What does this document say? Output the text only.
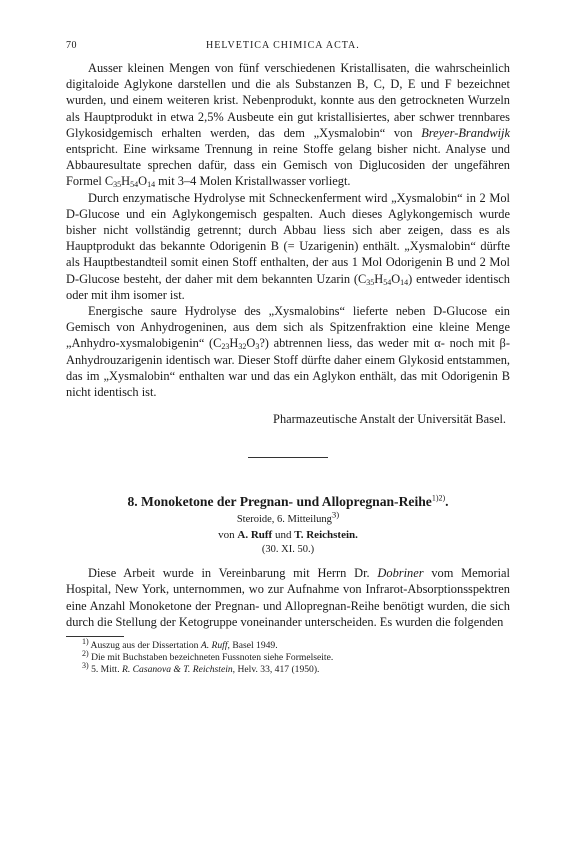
70	HELVETICA CHIMICA ACTA.

Ausser kleinen Mengen von fünf verschiedenen Kristallisaten, die wahrscheinlich digitaloide Aglykone darstellen und die als Substanzen B, C, D, E und F bezeichnet wurden, und einem weiteren krist. Nebenprodukt, konnte aus den getrockneten Wurzeln als Hauptprodukt in etwa 2,5% Ausbeute ein gut kristallisiertes, aber schwer trennbares Glykosidgemisch erhalten werden, das dem „Xysmalobin“ von Breyer-Brandwijk entspricht. Eine wirksame Trennung in reine Stoffe gelang bisher nicht. Analyse und Abbauresultate sprechen dafür, dass ein Gemisch von Diglucosiden der ungefähren Formel $C_{35}H_{54}O_{14}$ mit 3–4 Molen Kristallwasser vorliegt.

Durch enzymatische Hydrolyse mit Schneckenferment wird „Xysmalobin“ in 2 Mol D-Glucose und ein Aglykongemisch gespalten. Auch dieses Aglykongemisch wurde bisher nicht vollständig getrennt; durch Abbau liess sich aber zeigen, dass es als Hauptprodukt das bekannte Odorigenin B (= Uzarigenin) enthält. „Xysmalobin“ dürfte als Hauptbestandteil somit einen Stoff enthalten, der aus 1 Mol Odorigenin B und 2 Mol D-Glucose besteht, der daher mit dem bekannten Uzarin $(C_{35}H_{54}O_{14})$ entweder identisch oder mit ihm isomer ist.

Energische saure Hydrolyse des „Xysmalobins“ lieferte neben D-Glucose ein Gemisch von Anhydrogeninen, aus dem sich als Spitzenfraktion eine kleine Menge „Anhydro-xysmalobigenin“ $(C_{23}H_{32}O_3?)$ abtrennen liess, das weder mit α- noch mit β-Anhydrouzarigenin identisch war. Dieser Stoff dürfte daher einem Glykosid entstammen, das im „Xysmalobin“ enthalten war und das ein Aglykon enthält, das mit Odorigenin B nicht identisch ist.

Pharmazeutische Anstalt der Universität Basel.

8. Monoketone der Pregnan- und Allopregnan-Reihe$^{1)2)}$.
Steroide, 6. Mitteilung$^{3)}$
von A. Ruff und T. Reichstein.
(30. XI. 50.)

Diese Arbeit wurde in Vereinbarung mit Herrn Dr. Dobriner vom Memorial Hospital, New York, unternommen, wo zur Aufnahme von Infrarot-Absorptionsspektren eine Anzahl Monoketone der Pregnan- und Allopregnan-Reihe benötigt wurden, die sich durch die Stellung der Ketogruppe voneinander unterscheiden. Es wurden die folgenden

$^{1)}$ Auszug aus der Dissertation A. Ruff, Basel 1949.
$^{2)}$ Die mit Buchstaben bezeichneten Fussnoten siehe Formelseite.
$^{3)}$ 5. Mitt. R. Casanova & T. Reichstein, Helv. 33, 417 (1950).
